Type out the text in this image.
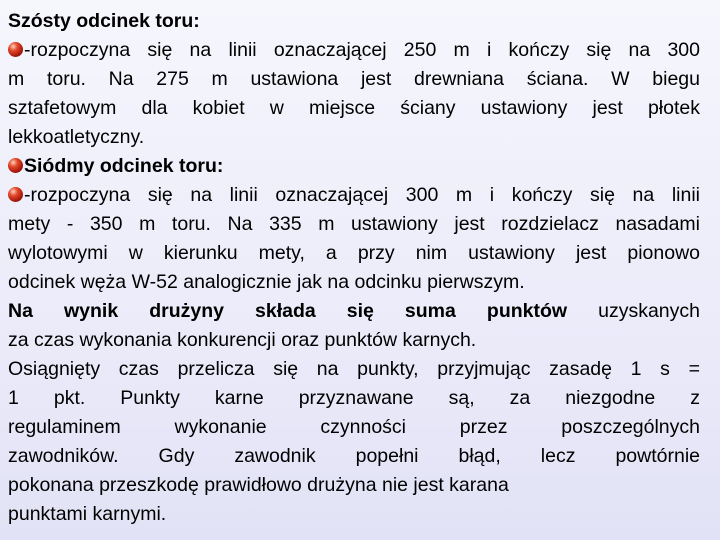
Szósty odcinek toru:
-rozpoczyna się na linii oznaczającej 250 m i kończy się na 300
m toru. Na 275 m ustawiona jest drewniana ściana. W biegu
sztafetowym dla kobiet w miejsce ściany ustawiony jest płotek
lekkoatletyczny.
Siódmy odcinek toru:
-rozpoczyna się na linii oznaczającej 300 m i kończy się na linii
mety - 350 m toru. Na 335 m ustawiony jest rozdzielacz nasadami
wylotowymi w kierunku mety, a przy nim ustawiony jest pionowo
odcinek węża W-52 analogicznie jak na odcinku pierwszym.
Na wynik drużyny składa się suma punktów uzyskanych
za czas wykonania konkurencji oraz punktów karnych.
Osiągnięty czas przelicza się na punkty, przyjmując zasadę 1 s =
1 pkt. Punkty karne przyznawane są, za niezgodne z
regulaminem wykonanie czynności przez poszczególnych
zawodników. Gdy zawodnik popełni błąd, lecz powtórnie
pokonana przeszkodę prawidłowo drużyna nie jest karana
punktami karnymi.
